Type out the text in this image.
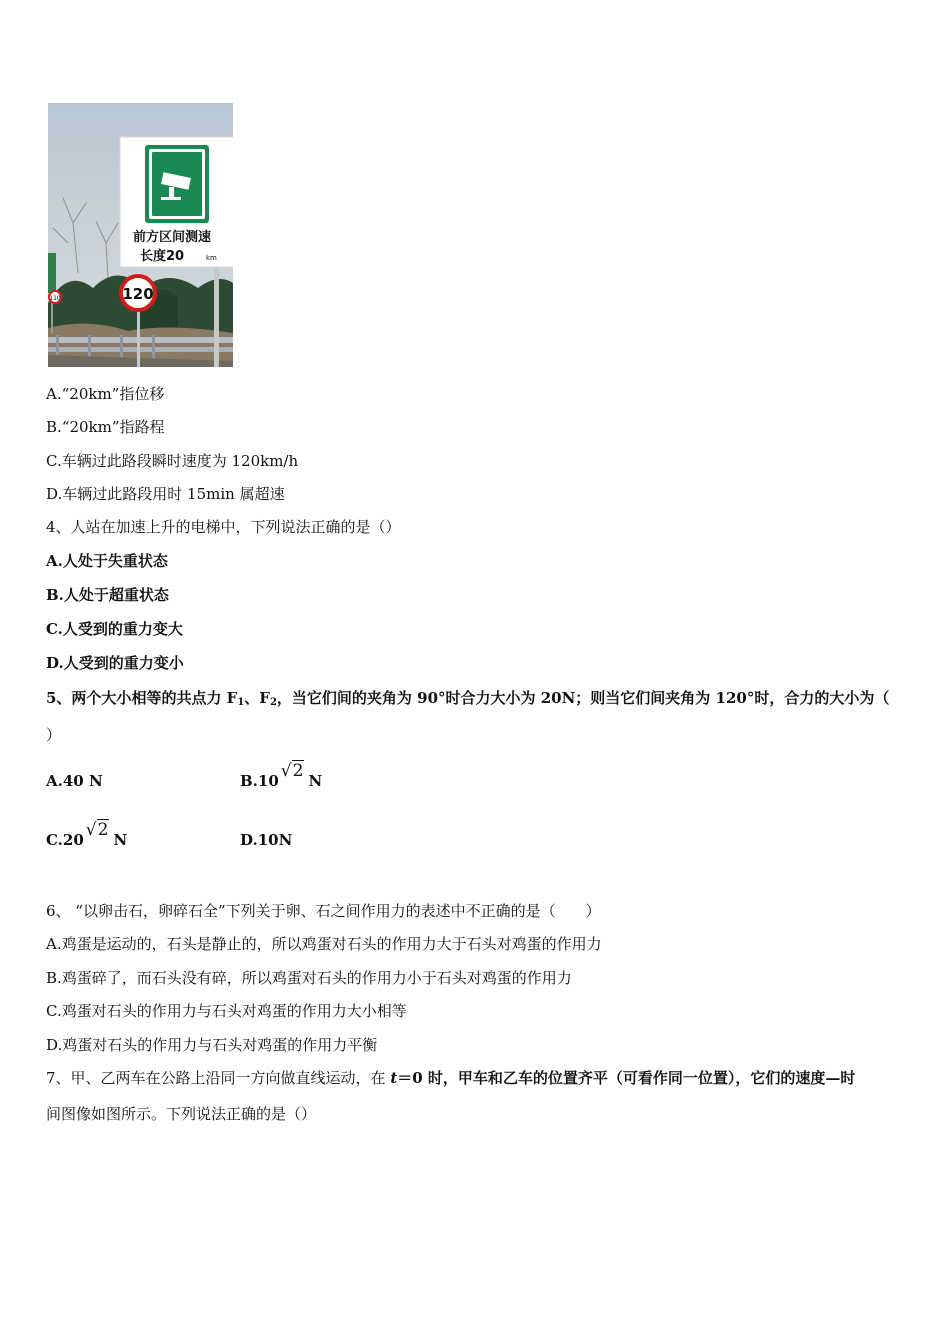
110
前方区间测速
长度20	km
120
A.“20km”指位移
B.“20km”指路程
C.车辆过此路段瞬时速度为 120km/h
D.车辆过此路段用时 15min 属超速
4、人站在加速上升的电梯中，下列说法正确的是（）
A.人处于失重状态
B.人处于超重状态
C.人受到的重力变大
D.人受到的重力变小
5、两个大小相等的共点力 $F_1$、$F_2$，当它们间的夹角为 90°时合力大小为 20N；则当它们间夹角为 120°时，合力的大小为（
）
A.40 N	B.10 √2 N
C.20 √2 N	D.10N
6、 “以卵击石，卵碎石全”下列关于卵、石之间作用力的表述中不正确的是（　　）
A.鸡蛋是运动的，石头是静止的，所以鸡蛋对石头的作用力大于石头对鸡蛋的作用力
B.鸡蛋碎了，而石头没有碎，所以鸡蛋对石头的作用力小于石头对鸡蛋的作用力
C.鸡蛋对石头的作用力与石头对鸡蛋的作用力大小相等
D.鸡蛋对石头的作用力与石头对鸡蛋的作用力平衡
7、甲、乙两车在公路上沿同一方向做直线运动，在 t＝0 时，甲车和乙车的位置齐平（可看作同一位置），它们的速度—时
间图像如图所示。下列说法正确的是（）
